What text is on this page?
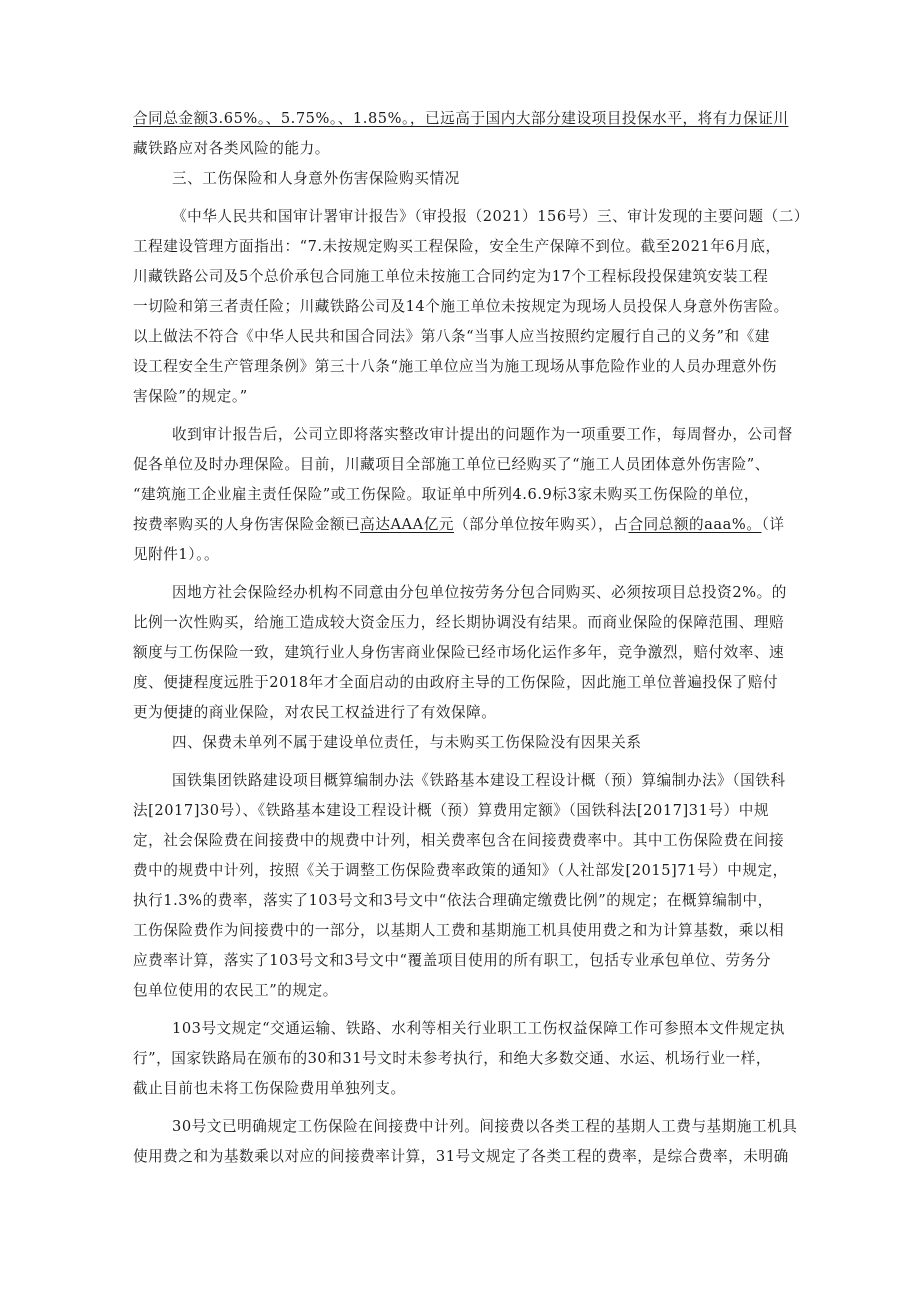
合同总金额3.65%。、5.75%。、1.85%。，已远高于国内大部分建设项目投保水平，将有力保证川
藏铁路应对各类风险的能力。
三、工伤保险和人身意外伤害保险购买情况
《中华人民共和国审计署审计报告》（审投报（2021）156号）三、审计发现的主要问题（二）
工程建设管理方面指出：“7.未按规定购买工程保险，安全生产保障不到位。截至2021年6月底，
川藏铁路公司及5个总价承包合同施工单位未按施工合同约定为17个工程标段投保建筑安装工程
一切险和第三者责任险；川藏铁路公司及14个施工单位未按规定为现场人员投保人身意外伤害险。
以上做法不符合《中华人民共和国合同法》第八条“当事人应当按照约定履行自己的义务”和《建
设工程安全生产管理条例》第三十八条“施工单位应当为施工现场从事危险作业的人员办理意外伤
害保险”的规定。”
收到审计报告后，公司立即将落实整改审计提出的问题作为一项重要工作，每周督办，公司督
促各单位及时办理保险。目前，川藏项目全部施工单位已经购买了“施工人员团体意外伤害险”、
“建筑施工企业雇主责任保险”或工伤保险。取证单中所列4.6.9标3家未购买工伤保险的单位，
按费率购买的人身伤害保险金额已高达AAA亿元（部分单位按年购买），占合同总额的aaa%。（详
见附件1）。。
因地方社会保险经办机构不同意由分包单位按劳务分包合同购买、必须按项目总投资2%。的
比例一次性购买，给施工造成较大资金压力，经长期协调没有结果。而商业保险的保障范围、理赔
额度与工伤保险一致，建筑行业人身伤害商业保险已经市场化运作多年，竞争激烈，赔付效率、速
度、便捷程度远胜于2018年才全面启动的由政府主导的工伤保险，因此施工单位普遍投保了赔付
更为便捷的商业保险，对农民工权益进行了有效保障。
四、保费未单列不属于建设单位责任，与未购买工伤保险没有因果关系
国铁集团铁路建设项目概算编制办法《铁路基本建设工程设计概（预）算编制办法》（国铁科
法[2017]30号）、《铁路基本建设工程设计概（预）算费用定额》（国铁科法[2017]31号）中规
定，社会保险费在间接费中的规费中计列，相关费率包含在间接费费率中。其中工伤保险费在间接
费中的规费中计列，按照《关于调整工伤保险费率政策的通知》（人社部发[2015]71号）中规定，
执行1.3%的费率，落实了103号文和3号文中“依法合理确定缴费比例”的规定；在概算编制中，
工伤保险费作为间接费中的一部分，以基期人工费和基期施工机具使用费之和为计算基数，乘以相
应费率计算，落实了103号文和3号文中“覆盖项目使用的所有职工，包括专业承包单位、劳务分
包单位使用的农民工”的规定。
103号文规定“交通运输、铁路、水利等相关行业职工工伤权益保障工作可参照本文件规定执
行”，国家铁路局在颁布的30和31号文时未参考执行，和绝大多数交通、水运、机场行业一样，
截止目前也未将工伤保险费用单独列支。
30号文已明确规定工伤保险在间接费中计列。间接费以各类工程的基期人工费与基期施工机具
使用费之和为基数乘以对应的间接费率计算，31号文规定了各类工程的费率，是综合费率，未明确
